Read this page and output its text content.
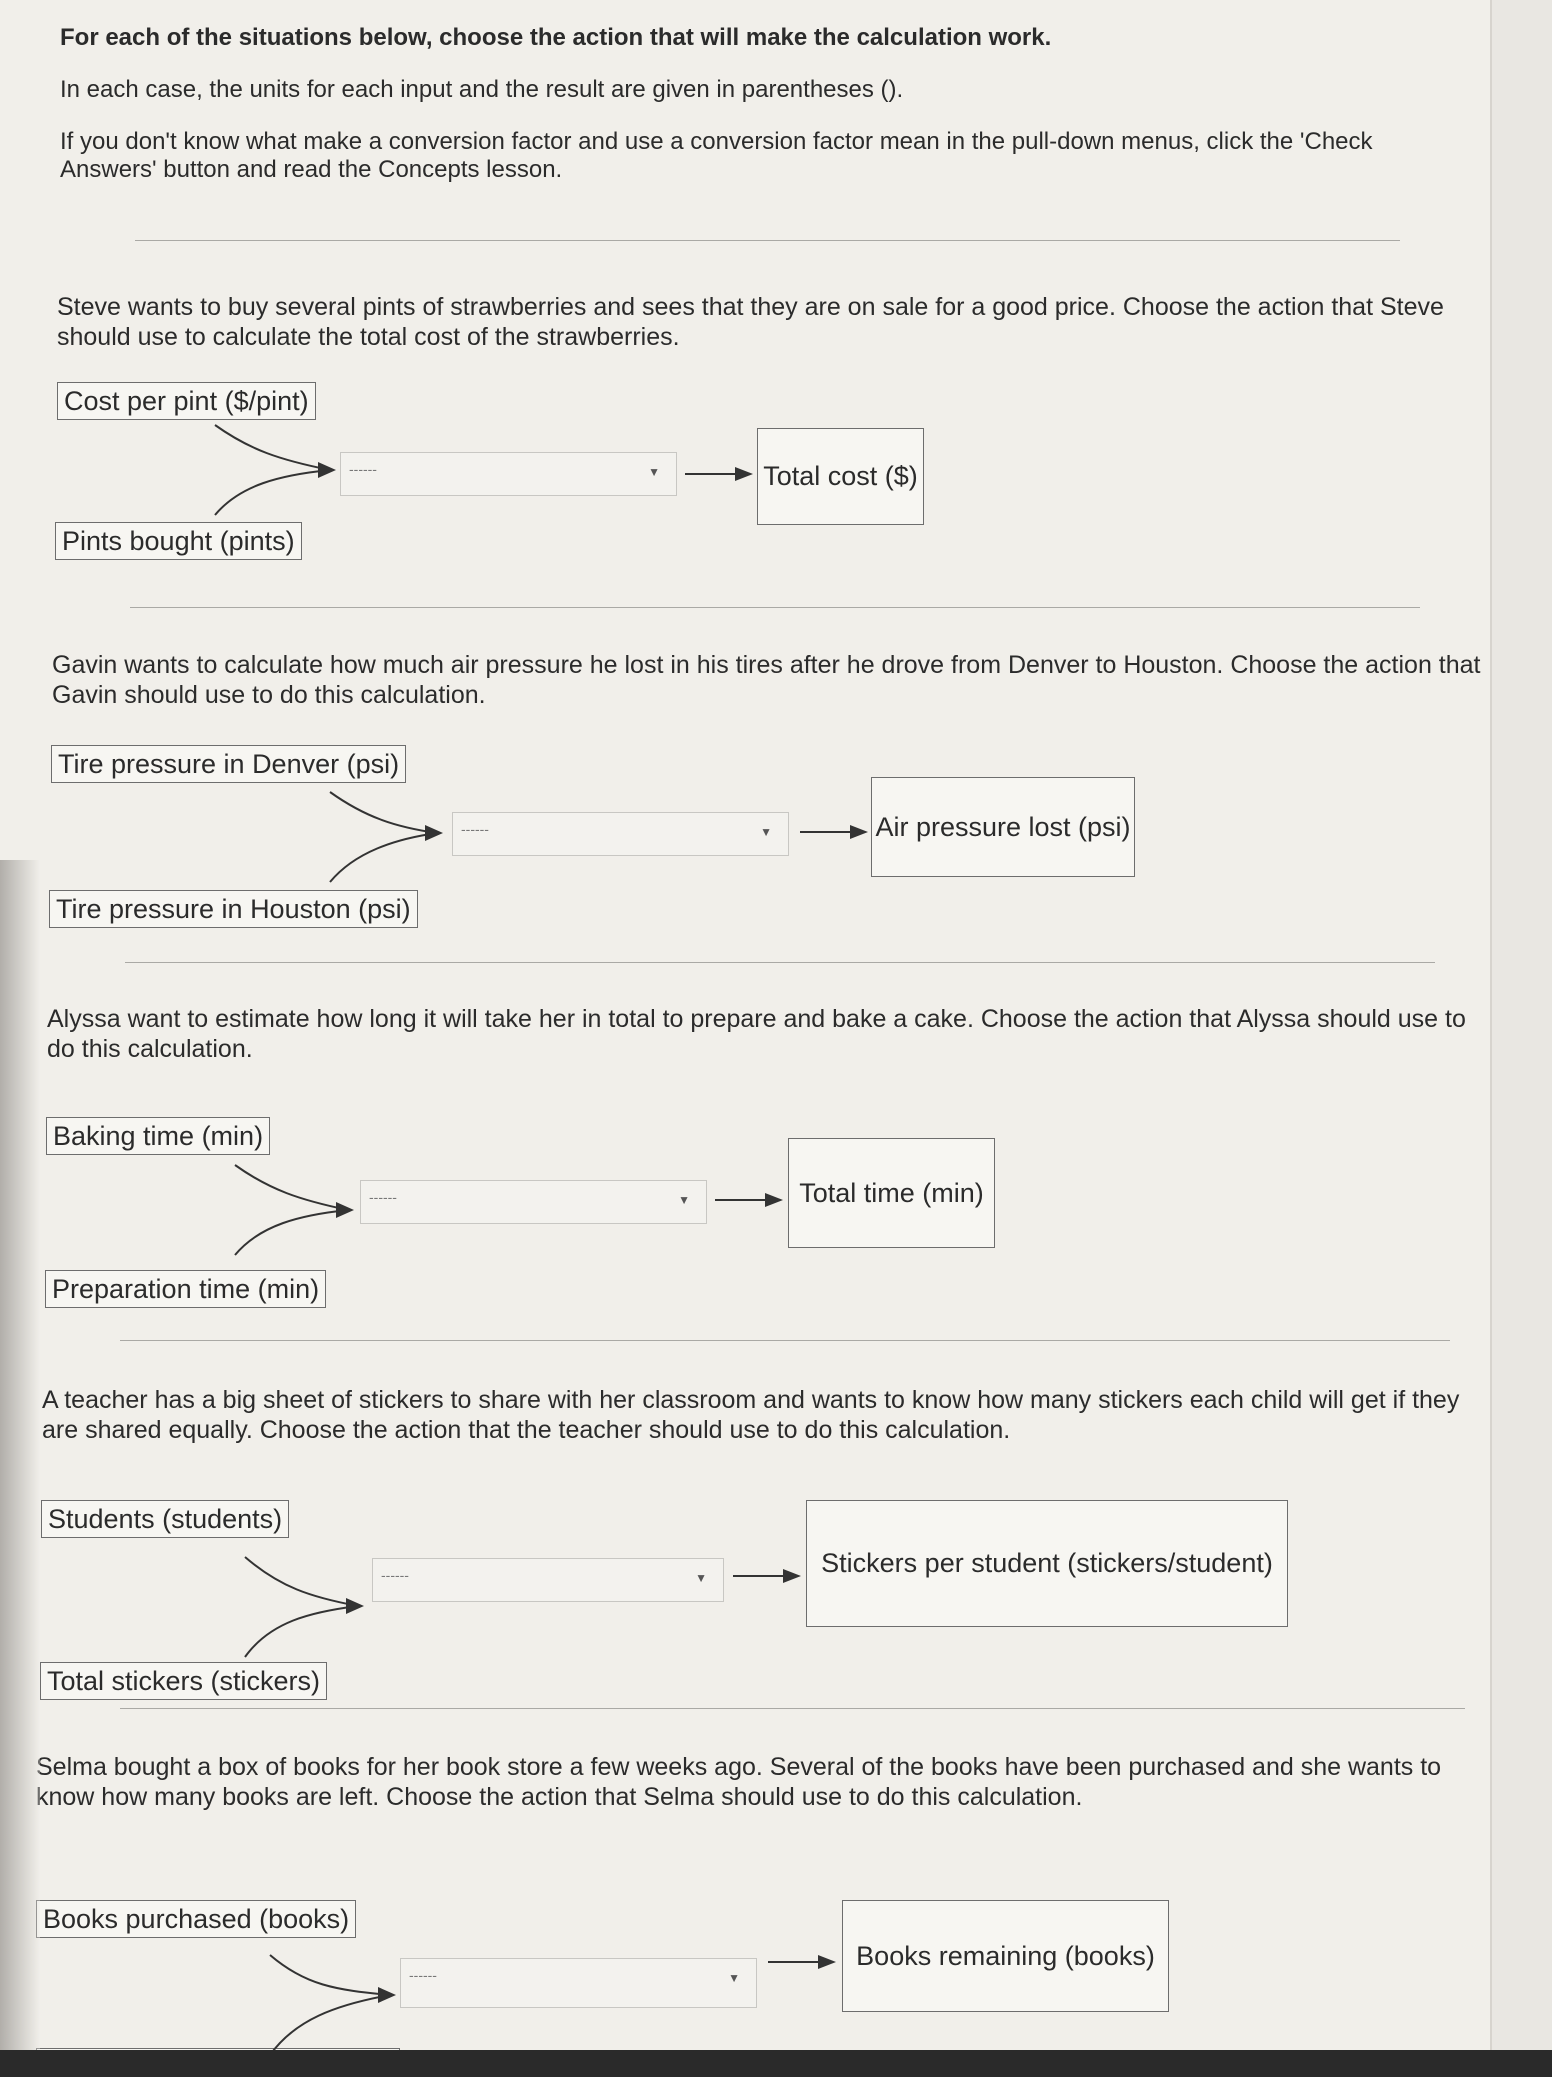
For each of the situations below, choose the action that will make the calculation work.

In each case, the units for each input and the result are given in parentheses ().

If you don't know what make a conversion factor and use a conversion factor mean in the pull-down menus, click the 'Check Answers' button and read the Concepts lesson.

Steve wants to buy several pints of strawberries and sees that they are on sale for a good price. Choose the action that Steve should use to calculate the total cost of the strawberries.
Cost per pint ($/pint)
Pints bought (pints)
------	▼	Total cost ($)
Gavin wants to calculate how much air pressure he lost in his tires after he drove from Denver to Houston. Choose the action that Gavin should use to do this calculation.
Tire pressure in Denver (psi)
Tire pressure in Houston (psi)
------	▼	Air pressure lost (psi)
Alyssa want to estimate how long it will take her in total to prepare and bake a cake. Choose the action that Alyssa should use to do this calculation.
Baking time (min)
Preparation time (min)
------	▼	Total time (min)
A teacher has a big sheet of stickers to share with her classroom and wants to know how many stickers each child will get if they are shared equally. Choose the action that the teacher should use to do this calculation.
Students (students)
Total stickers (stickers)
------	▼	Stickers per student (stickers/student)
Selma bought a box of books for her book store a few weeks ago. Several of the books have been purchased and she wants to know how many books are left. Choose the action that Selma should use to do this calculation.
Books purchased (books)
------	▼
Books remaining (books)
